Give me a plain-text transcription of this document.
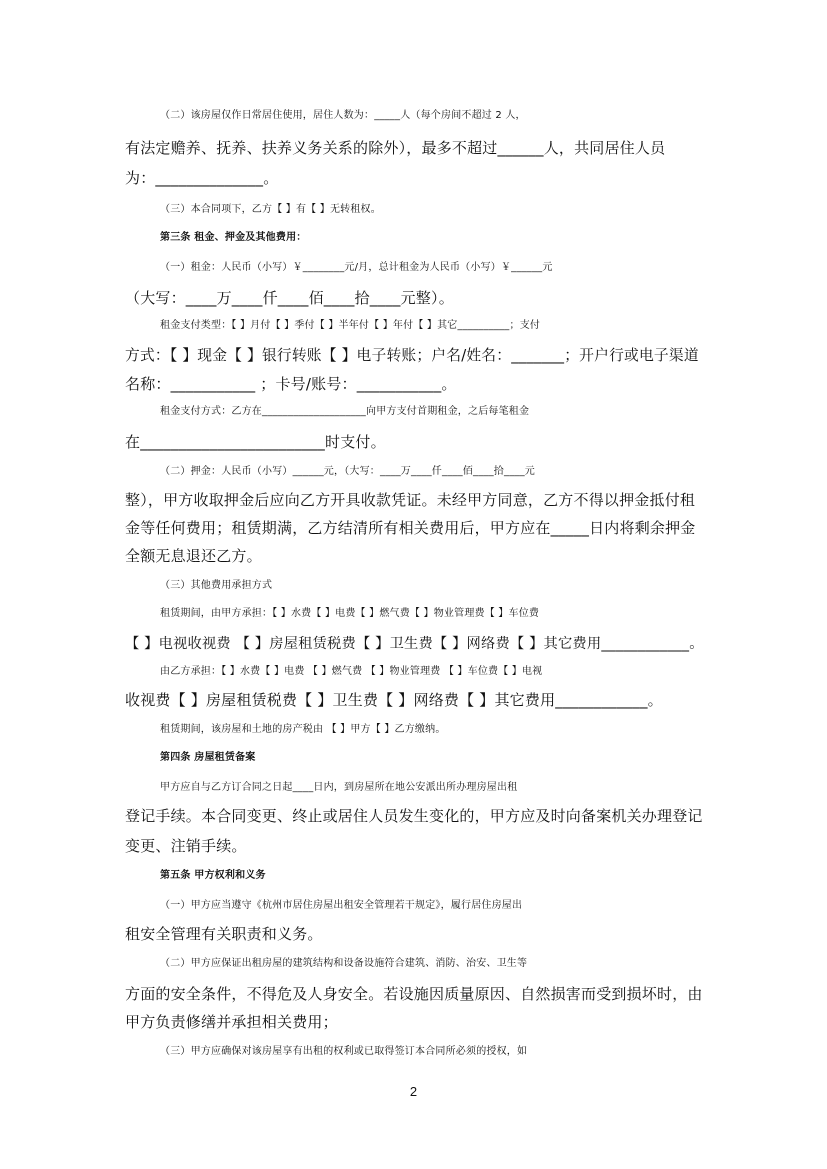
（二）该房屋仅作日常居住使用，居住人数为：_____人（每个房间不超过 2 人，
有法定赡养、抚养、扶养义务关系的除外），最多不超过______人，共同居住人员
为：______________。
（三）本合同项下，乙方【 】有【 】无转租权。
第三条 租金、押金及其他费用：
（一）租金：人民币（小写）￥________元/月，总计租金为人民币（小写）￥______元
（大写：____万____仟____佰____拾____元整）。
租金支付类型：【 】月付【 】季付【 】半年付【 】年付【 】其它__________；支付
方式：【 】现金【 】银行转账【 】电子转账；户名/姓名：_______；开户行或电子渠道
名称：___________ ；卡号/账号：___________。
租金支付方式：乙方在____________________向甲方支付首期租金，之后每笔租金
在________________________时支付。
（二）押金：人民币（小写）______元，（大写：____万____仟____佰____拾____元
整），甲方收取押金后应向乙方开具收款凭证。未经甲方同意，乙方不得以押金抵付租
金等任何费用；租赁期满，乙方结清所有相关费用后，甲方应在_____日内将剩余押金
全额无息退还乙方。
（三）其他费用承担方式
租赁期间，由甲方承担：【 】水费【 】电费【 】燃气费【 】物业管理费【 】车位费
【 】电视收视费 【 】房屋租赁税费【 】卫生费【 】网络费【 】其它费用____________。
由乙方承担：【 】水费【 】电费 【 】燃气费 【 】物业管理费 【 】车位费【 】电视
收视费【 】房屋租赁税费【 】卫生费【 】网络费【 】其它费用____________。
租赁期间，该房屋和土地的房产税由 【 】甲方【 】乙方缴纳。
第四条 房屋租赁备案
甲方应自与乙方订合同之日起____日内，到房屋所在地公安派出所办理房屋出租
登记手续。本合同变更、终止或居住人员发生变化的，甲方应及时向备案机关办理登记
变更、注销手续。
第五条 甲方权利和义务
（一）甲方应当遵守《杭州市居住房屋出租安全管理若干规定》，履行居住房屋出
租安全管理有关职责和义务。
（二）甲方应保证出租房屋的建筑结构和设备设施符合建筑、消防、治安、卫生等
方面的安全条件，不得危及人身安全。若设施因质量原因、自然损害而受到损坏时，由
甲方负责修缮并承担相关费用；
（三）甲方应确保对该房屋享有出租的权利或已取得签订本合同所必须的授权，如
2
